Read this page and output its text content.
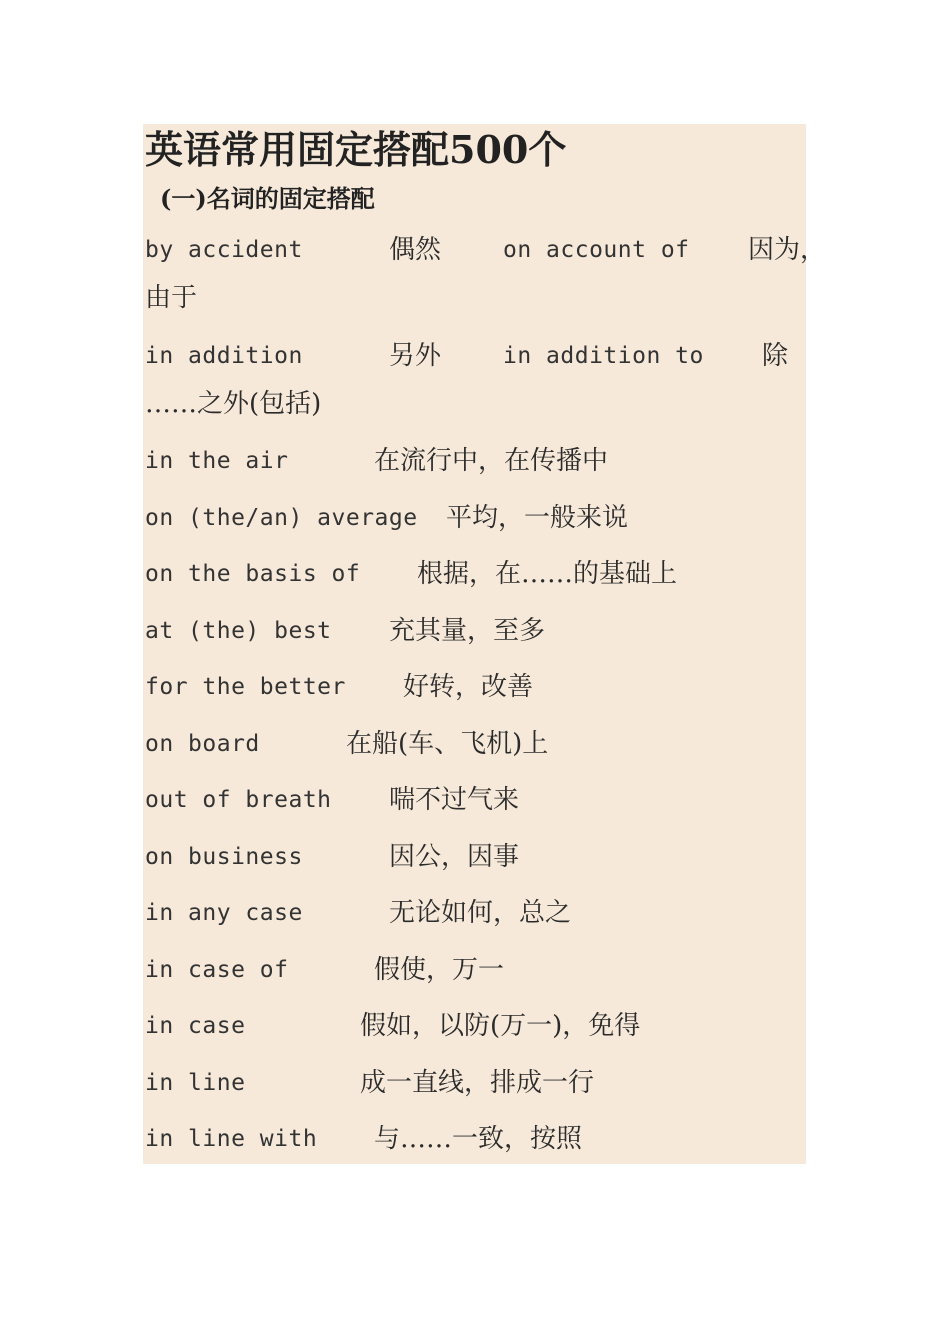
英语常用固定搭配500个
(一)名词的固定搭配
by accident	偶然	on account of 因为，
由于
in addition	另外	in addition to 除
……之外(包括)
in the air	在流行中，在传播中
on (the/an) average 平均，一般来说
on the basis of 根据，在……的基础上
at (the) best 充其量，至多
for the better 好转，改善
on board	在船(车、飞机)上
out of breath 喘不过气来
on business	因公，因事
in any case	无论如何，总之
in case of	假使，万一
in case	假如，以防(万一)，免得
in line	成一直线，排成一行
in line with 与……一致，按照
